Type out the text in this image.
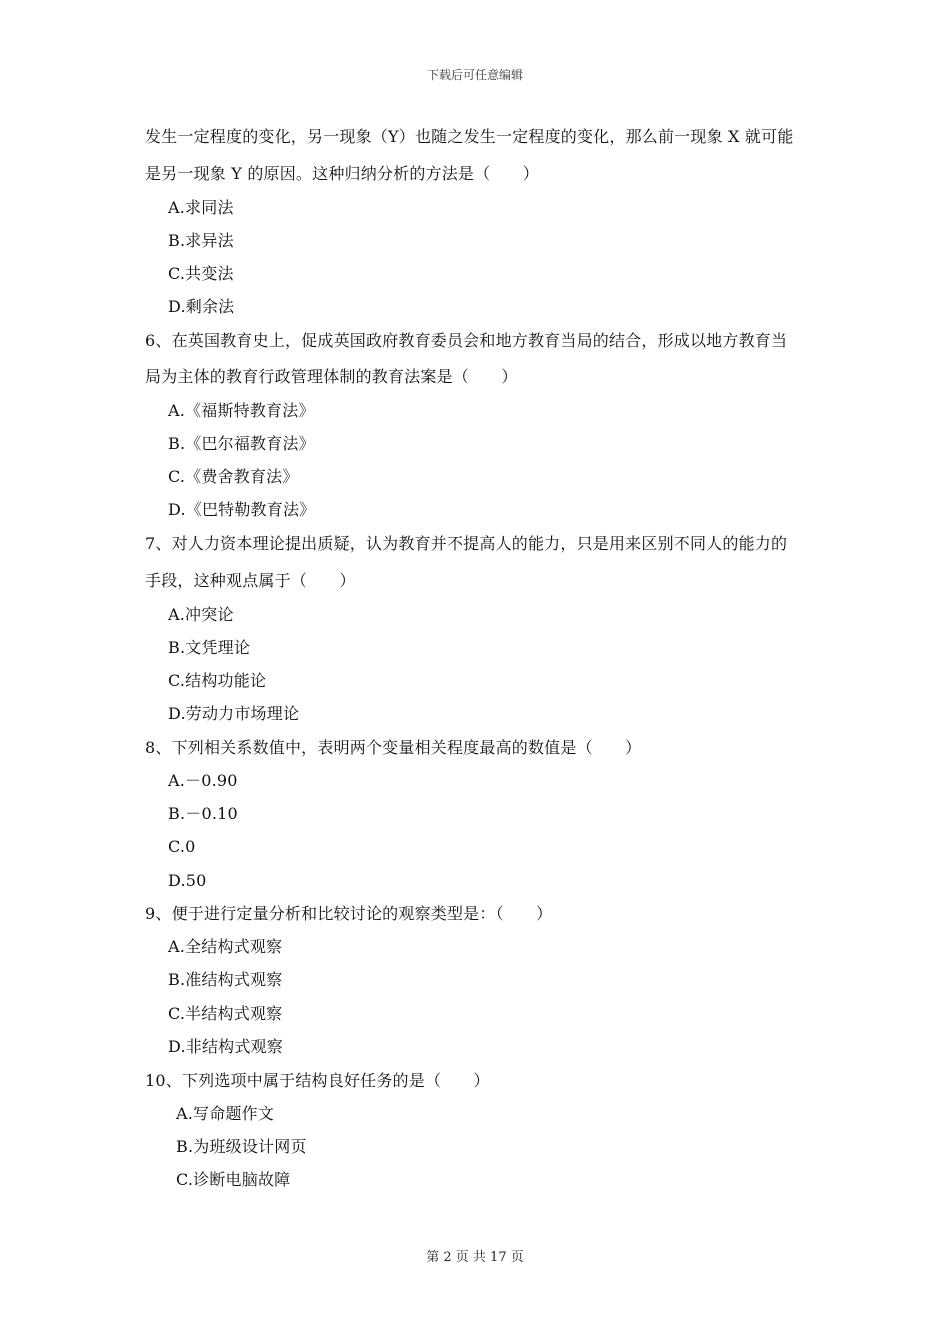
下载后可任意编辑
发生一定程度的变化，另一现象（Y）也随之发生一定程度的变化，那么前一现象 X 就可能
是另一现象 Y 的原因。这种归纳分析的方法是（　　）
A.求同法
B.求异法
C.共变法
D.剩余法
6、在英国教育史上，促成英国政府教育委员会和地方教育当局的结合，形成以地方教育当
局为主体的教育行政管理体制的教育法案是（　　）
A.《福斯特教育法》
B.《巴尔福教育法》
C.《费舍教育法》
D.《巴特勒教育法》
7、对人力资本理论提出质疑，认为教育并不提高人的能力，只是用来区别不同人的能力的
手段，这种观点属于（　　）
A.冲突论
B.文凭理论
C.结构功能论
D.劳动力市场理论
8、下列相关系数值中，表明两个变量相关程度最高的数值是（　　）
A.－0.90
B.－0.10
C.0
D.50
9、便于进行定量分析和比较讨论的观察类型是：（　　）
A.全结构式观察
B.准结构式观察
C.半结构式观察
D.非结构式观察
10、下列选项中属于结构良好任务的是（　　）
A.写命题作文
B.为班级设计网页
C.诊断电脑故障
第 2 页 共 17 页
